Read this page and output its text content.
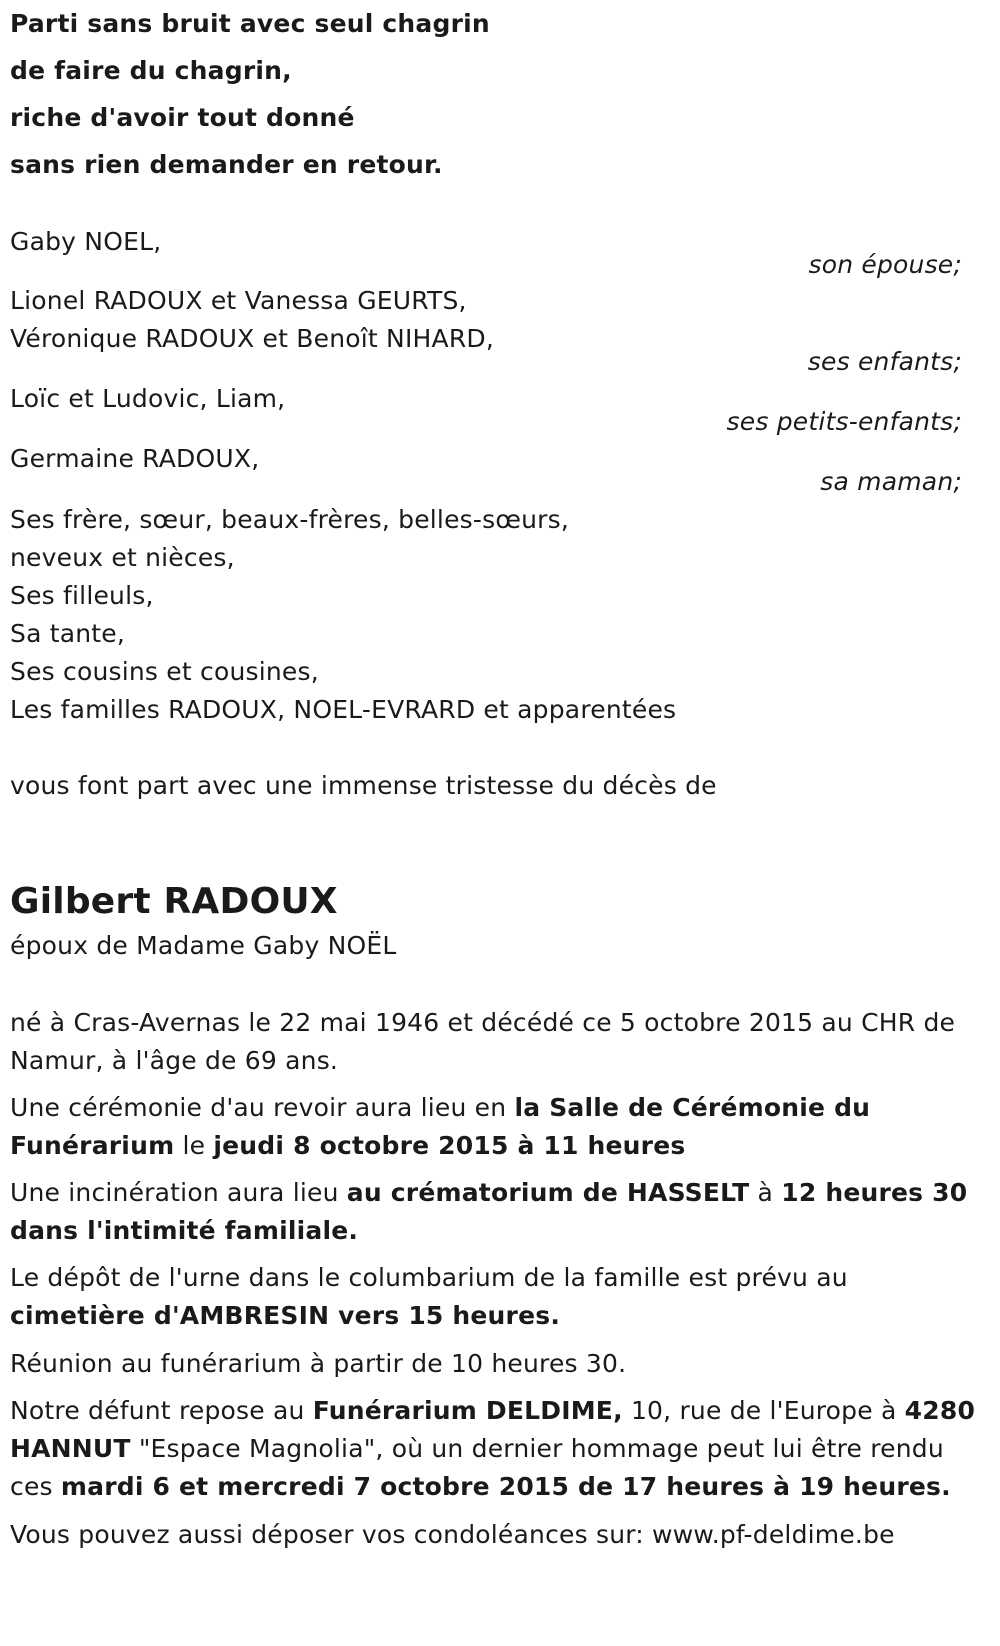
Parti sans bruit avec seul chagrin
de faire du chagrin,
riche d'avoir tout donné
sans rien demander en retour.
Gaby NOEL,
son épouse;
Lionel RADOUX et Vanessa GEURTS,
Véronique RADOUX et Benoît NIHARD,
ses enfants;
Loïc et Ludovic, Liam,
ses petits-enfants;
Germaine RADOUX,
sa maman;
Ses frère, sœur, beaux-frères, belles-sœurs,
neveux et nièces,
Ses filleuls,
Sa tante,
Ses cousins et cousines,
Les familles RADOUX, NOEL-EVRARD et apparentées
vous font part avec une immense tristesse du décès de
Gilbert RADOUX
époux de Madame Gaby NOËL
né à Cras-Avernas le 22 mai 1946 et décédé ce 5 octobre 2015 au CHR de
Namur, à l'âge de 69 ans.
Une cérémonie d'au revoir aura lieu en la Salle de Cérémonie du
Funérarium le jeudi 8 octobre 2015 à 11 heures
Une incinération aura lieu au crématorium de HASSELT à 12 heures 30
dans l'intimité familiale.
Le dépôt de l'urne dans le columbarium de la famille est prévu au
cimetière d'AMBRESIN vers 15 heures.
Réunion au funérarium à partir de 10 heures 30.
Notre défunt repose au Funérarium DELDIME, 10, rue de l'Europe à 4280
HANNUT "Espace Magnolia", où un dernier hommage peut lui être rendu
ces mardi 6 et mercredi 7 octobre 2015 de 17 heures à 19 heures.
Vous pouvez aussi déposer vos condoléances sur: www.pf-deldime.be
